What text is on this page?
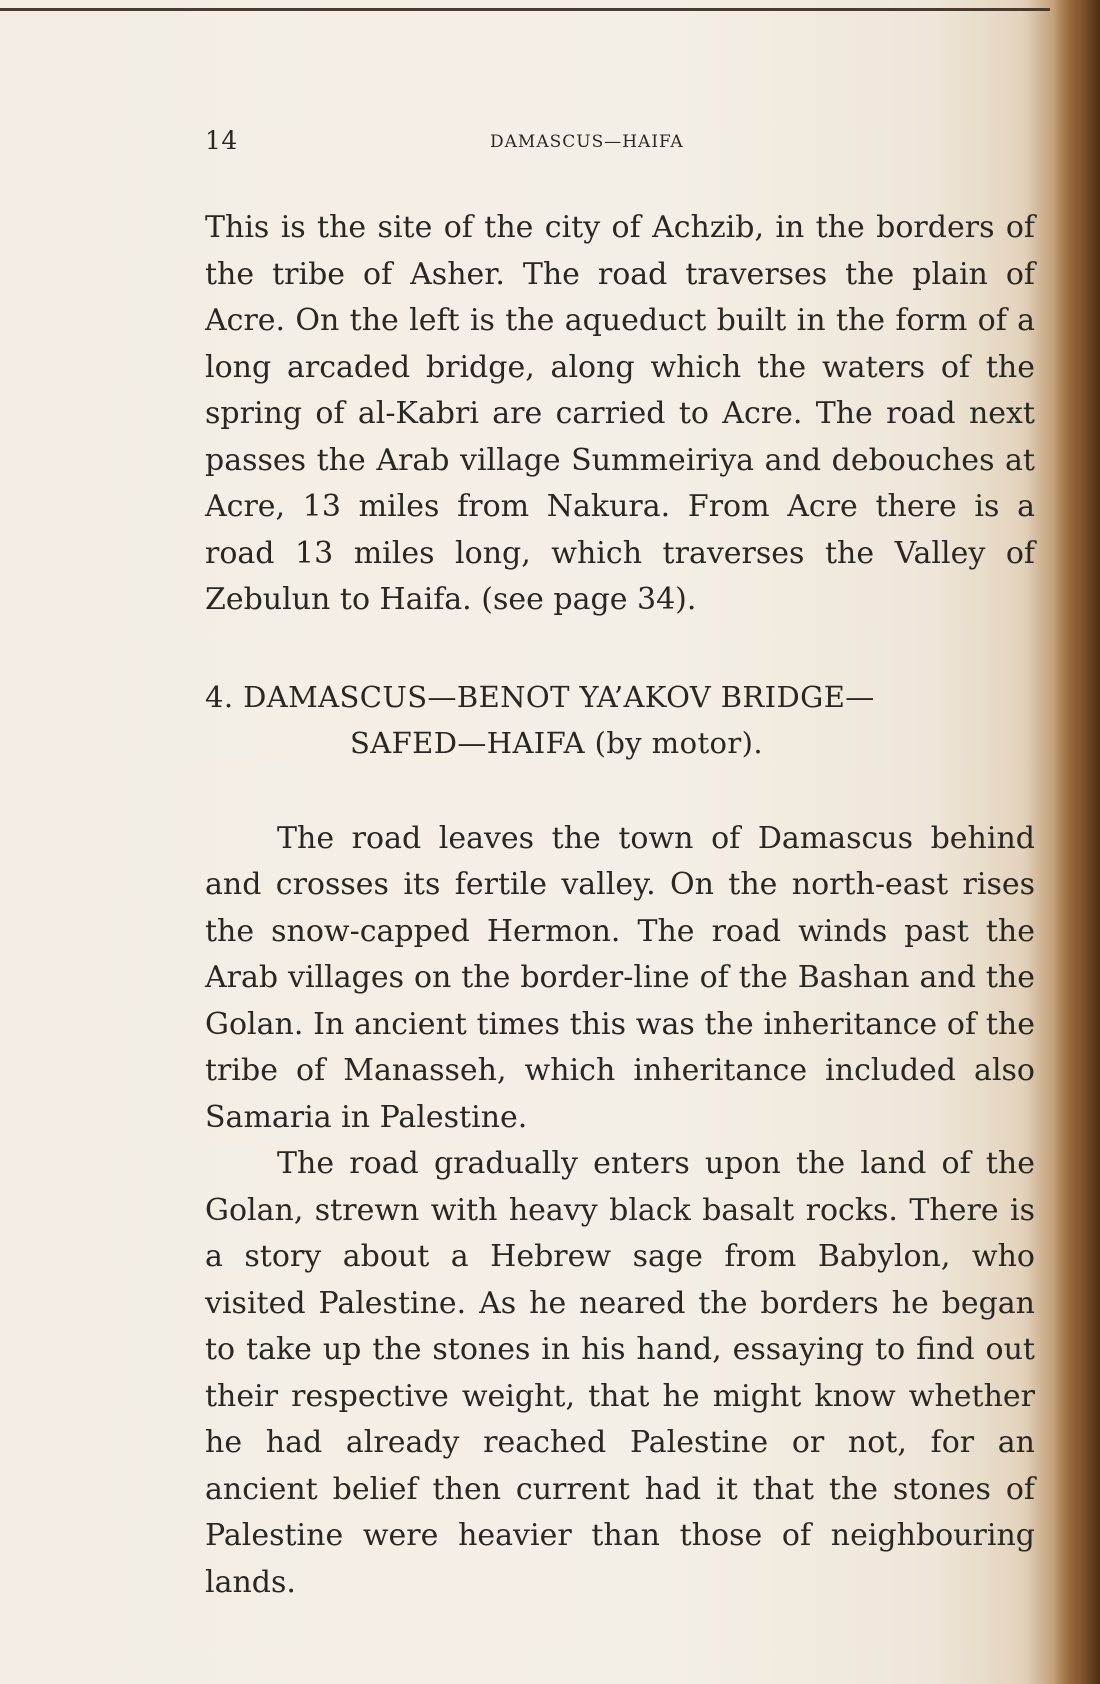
14	DAMASCUS—HAIFA

This is the site of the city of Achzib, in the borders of the tribe of Asher. The road traverses the plain of Acre. On the left is the aqueduct built in the form of a long arcaded bridge, along which the waters of the spring of al-Kabri are carried to Acre. The road next passes the Arab village Summeiriya and debouches at Acre, 13 miles from Nakura. From Acre there is a road 13 miles long, which traverses the Valley of Zebulun to Haifa. (see page 34).

4. DAMASCUS—BENOT YA’AKOV BRIDGE—
SAFED—HAIFA (by motor).

The road leaves the town of Damascus behind and crosses its fertile valley. On the north-east rises the snow-capped Hermon. The road winds past the Arab villages on the border-line of the Bashan and the Golan. In ancient times this was the inheritance of the tribe of Manasseh, which inheritance included also Samaria in Palestine.

The road gradually enters upon the land of the Golan, strewn with heavy black basalt rocks. There is a story about a Hebrew sage from Babylon, who visited Palestine. As he neared the borders he began to take up the stones in his hand, essaying to find out their respective weight, that he might know whether he had already reached Palestine or not, for an ancient belief then current had it that the stones of Palestine were heavier than those of neighbouring lands.
